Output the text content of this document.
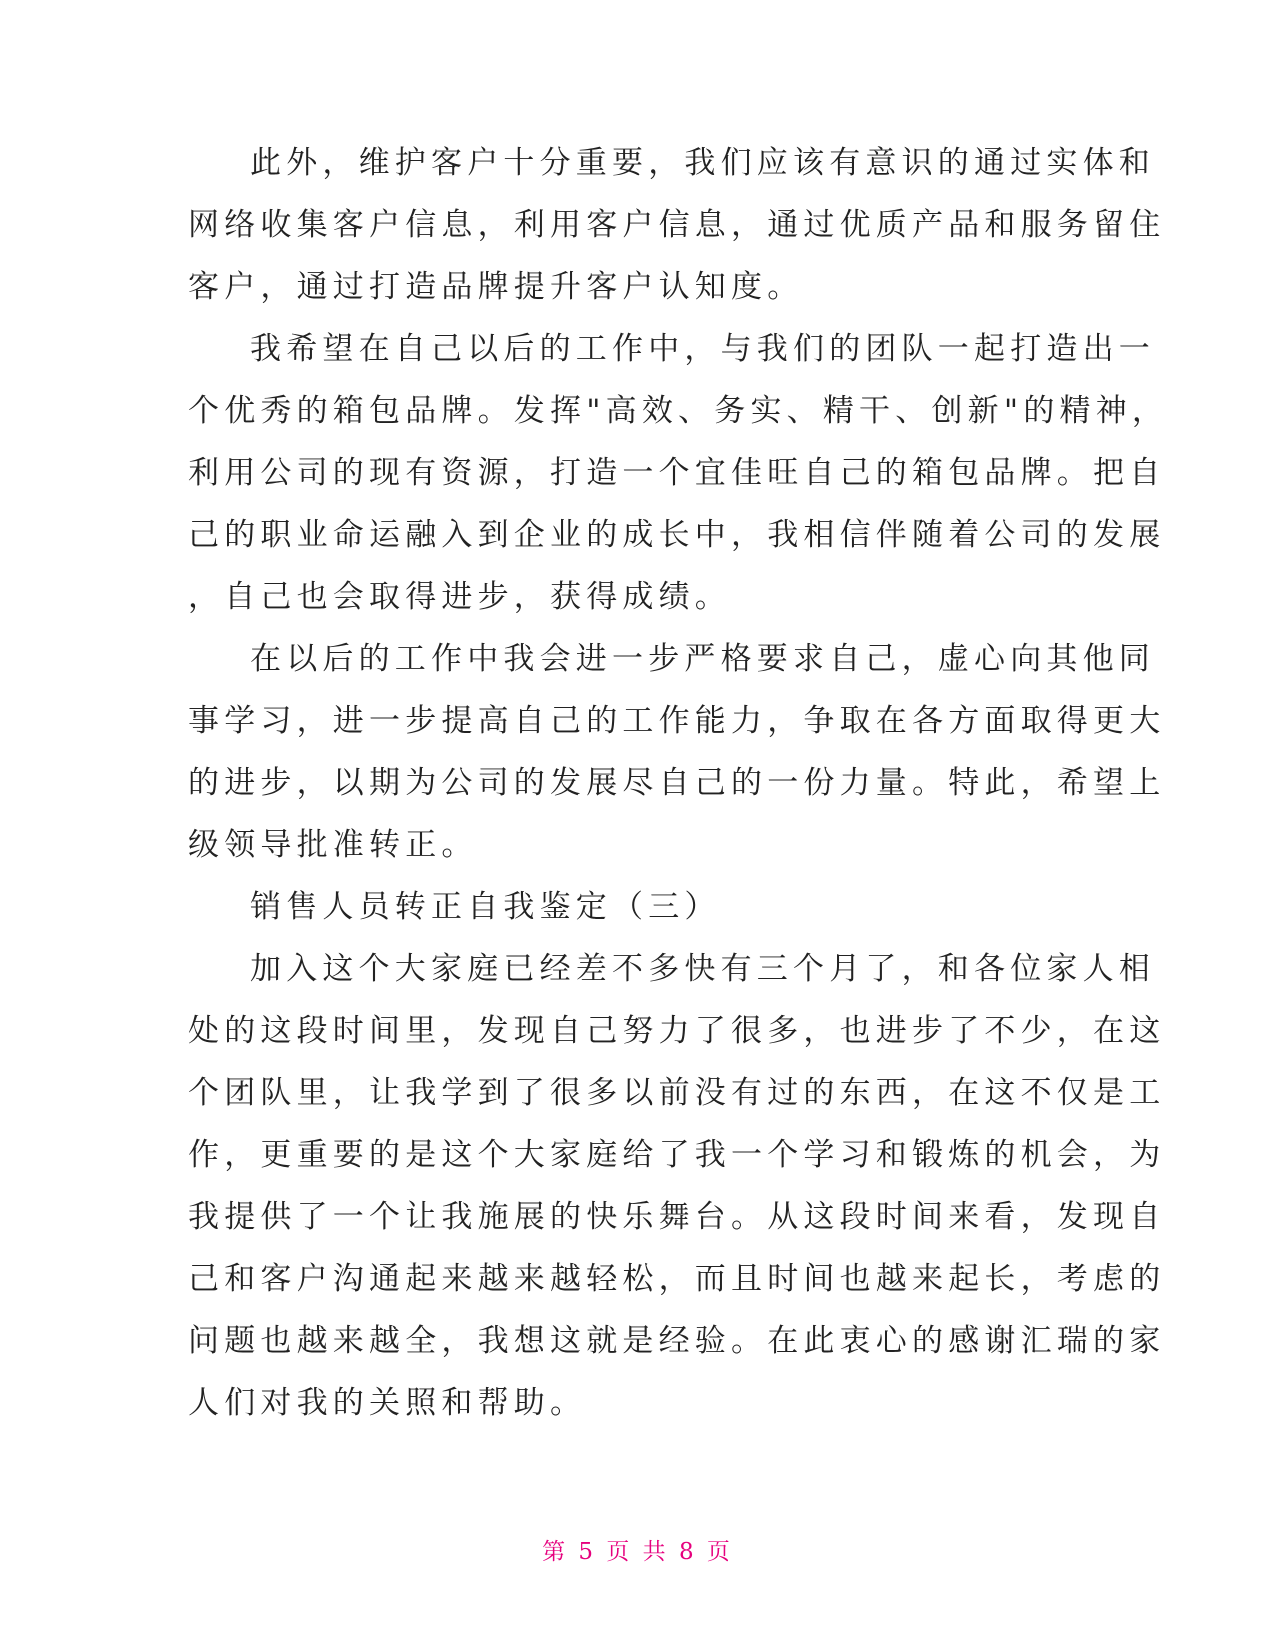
此外，维护客户十分重要，我们应该有意识的通过实体和
网络收集客户信息，利用客户信息，通过优质产品和服务留住
客户，通过打造品牌提升客户认知度。
我希望在自己以后的工作中，与我们的团队一起打造出一
个优秀的箱包品牌。发挥"高效、务实、精干、创新"的精神，
利用公司的现有资源，打造一个宜佳旺自己的箱包品牌。把自
己的职业命运融入到企业的成长中，我相信伴随着公司的发展
，自己也会取得进步，获得成绩。
在以后的工作中我会进一步严格要求自己，虚心向其他同
事学习，进一步提高自己的工作能力，争取在各方面取得更大
的进步，以期为公司的发展尽自己的一份力量。特此，希望上
级领导批准转正。
销售人员转正自我鉴定（三）
加入这个大家庭已经差不多快有三个月了，和各位家人相
处的这段时间里，发现自己努力了很多，也进步了不少，在这
个团队里，让我学到了很多以前没有过的东西，在这不仅是工
作，更重要的是这个大家庭给了我一个学习和锻炼的机会，为
我提供了一个让我施展的快乐舞台。从这段时间来看，发现自
己和客户沟通起来越来越轻松，而且时间也越来起长，考虑的
问题也越来越全，我想这就是经验。在此衷心的感谢汇瑞的家
人们对我的关照和帮助。
第 5 页 共 8 页
